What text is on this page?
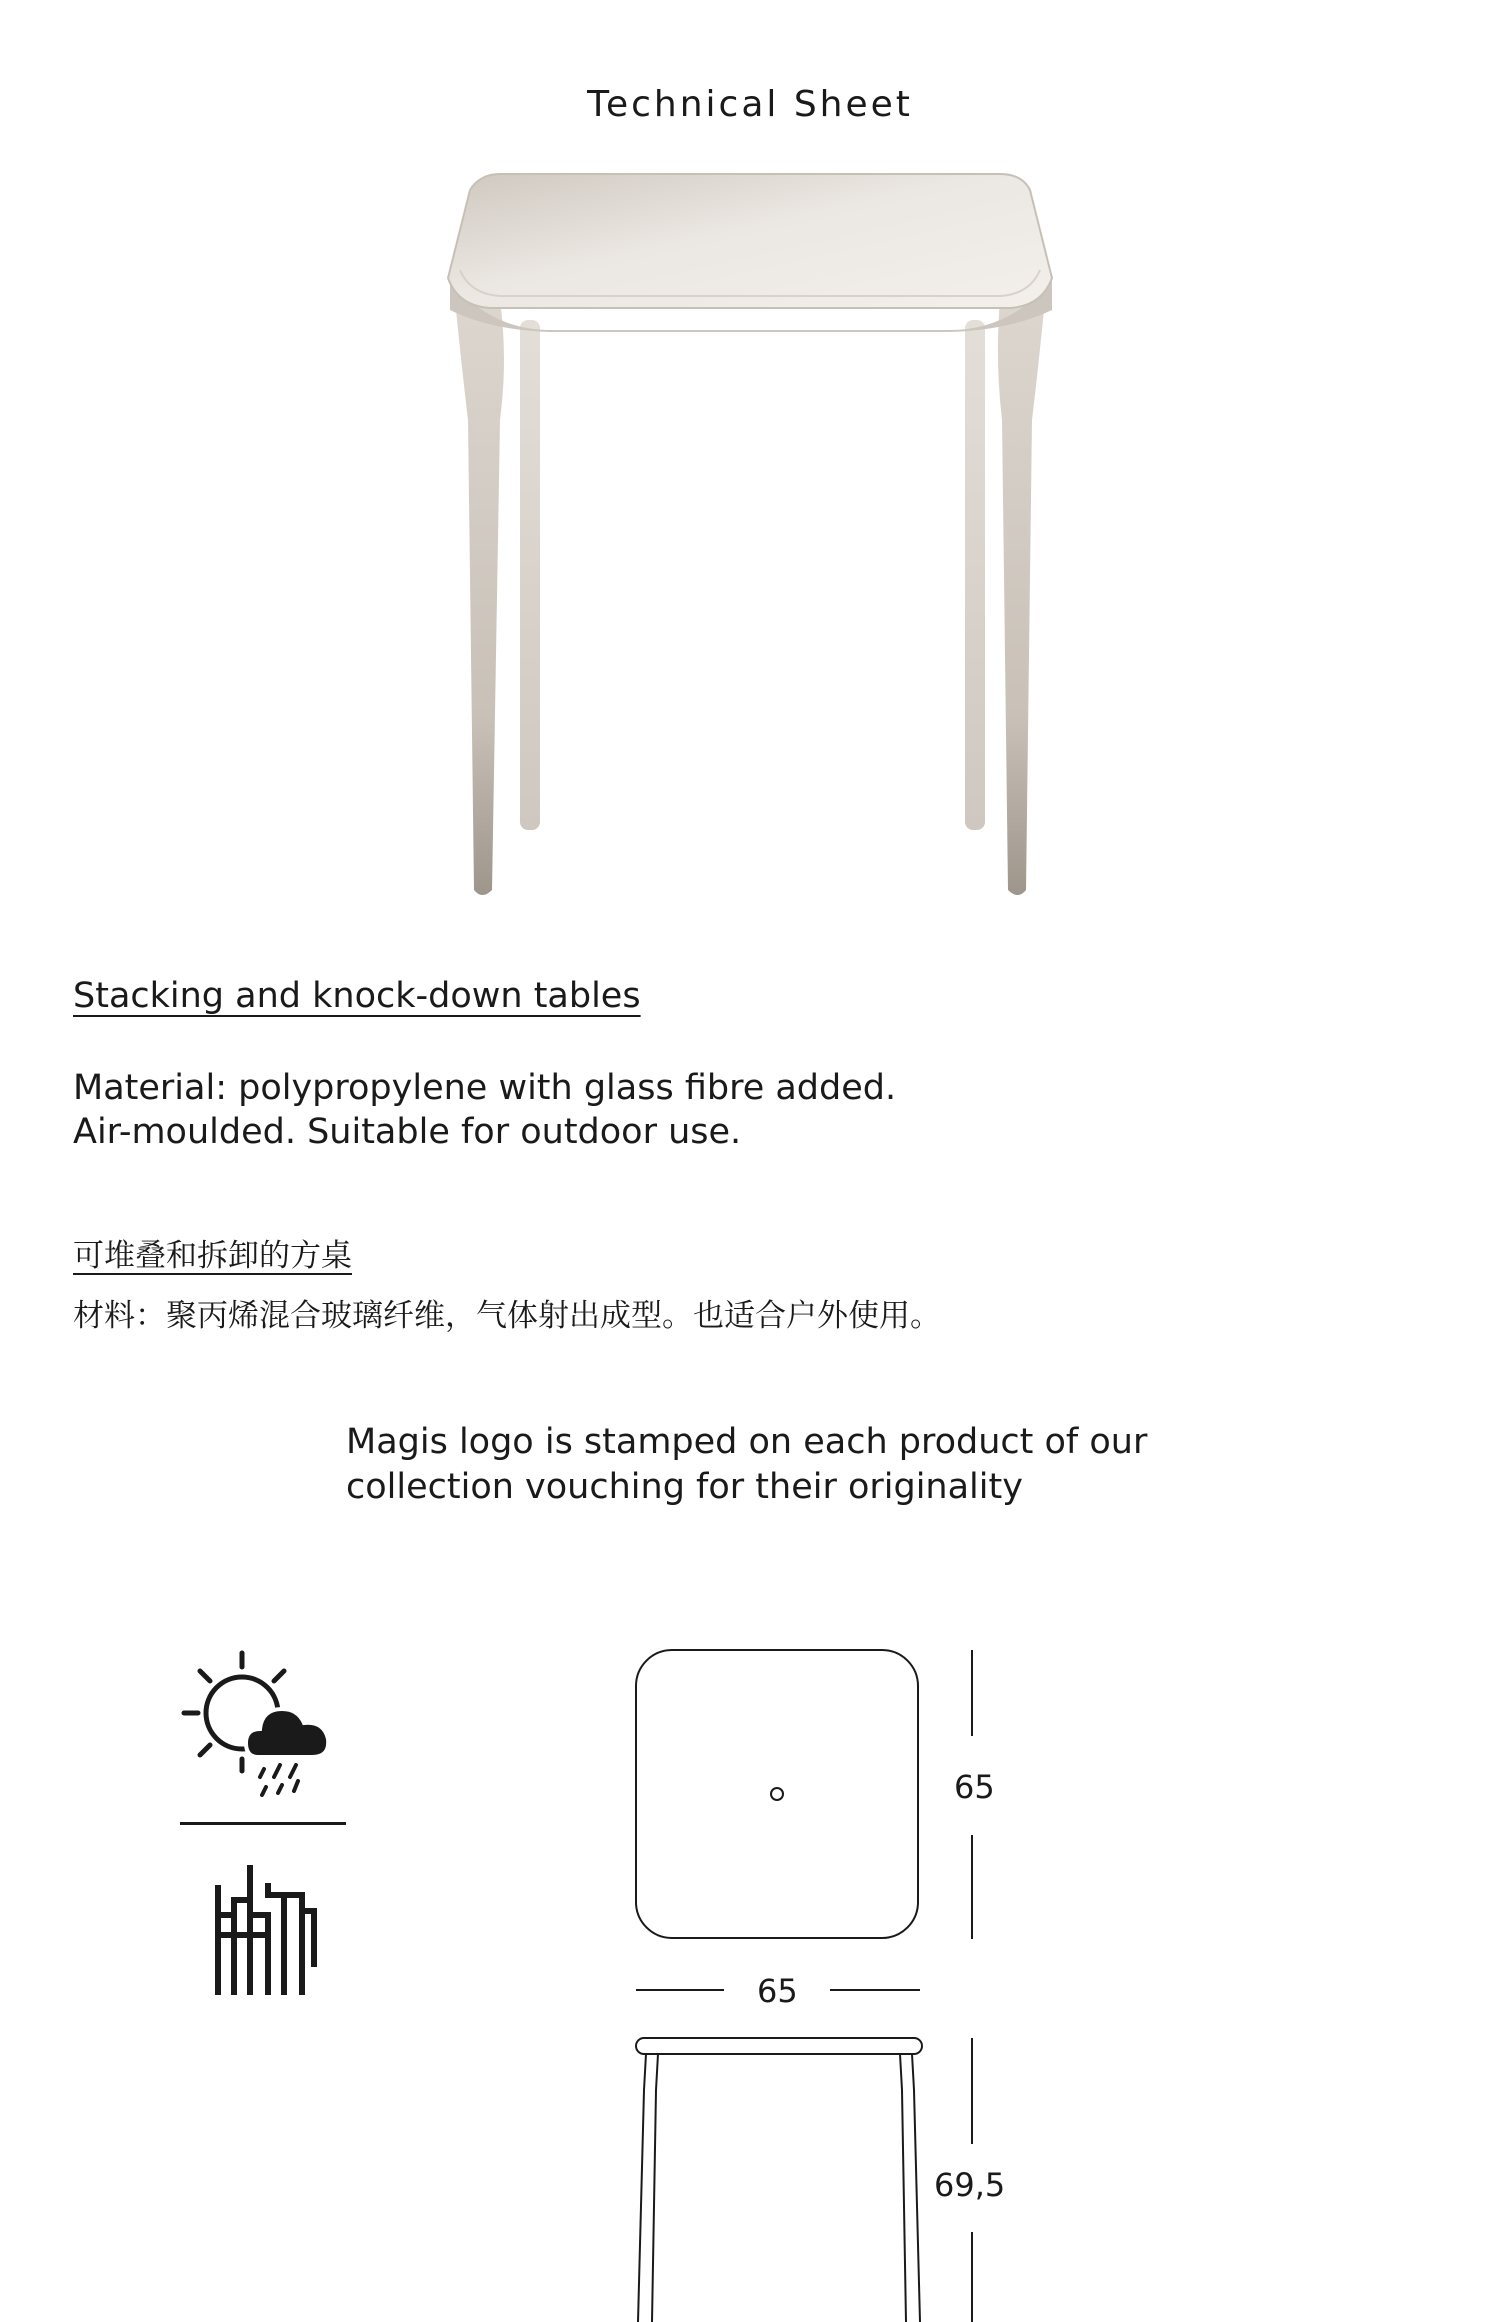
Technical Sheet
Stacking and knock-down tables
Material: polypropylene with glass fibre added.
Air-moulded. Suitable for outdoor use.
可堆叠和拆卸的方桌
材料：聚丙烯混合玻璃纤维，气体射出成型。也适合户外使用。
Magis logo is stamped on each product of our
collection vouching for their originality
65
65
69,5
